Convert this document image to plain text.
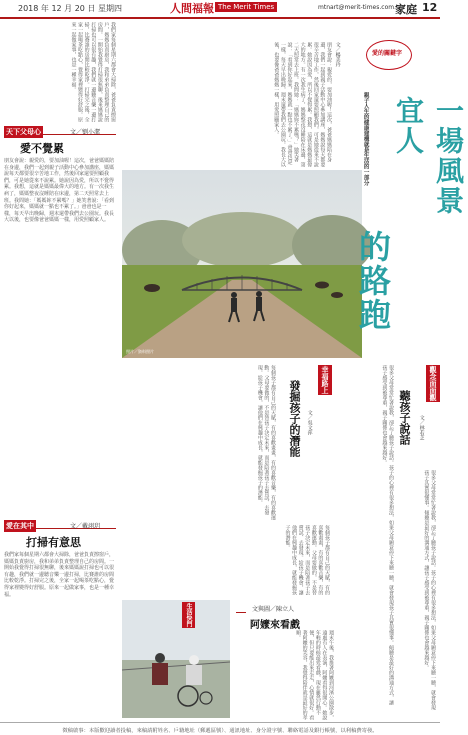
2018 年 12 月 20 日 星期四	人間福報 The Merit Times	mtnart@merit-times.com.tw
家庭 12
照片／資料照片
愛的關鍵字
一場風景宜人
的路跑
親子人生的健康建構就是生活的一部分
文／楊美玲
朋友會說：親愛的，要加油喔！這次，爸爸媽媽陪在身邊，我們一起到親子活動中心參加講座，媽媽說每天都要很辛苦地工作，然後回家還要照顧我們，可是她從來不說累。她說因為愛，所以不覺得累。我想，這就是媽媽最偉大的地方。有一次我生病了，媽媽整夜沒睡陪在床邊，第二天照常去上班。我問她：「媽媽妳不累嗎？」她笑著說：「看到你好起來，媽媽就一點也不累了。」爸爸也是一樣，每天早出晚歸，週末還帶我們去公園玩。我長大以後，也要像爸爸媽媽一樣，用愛照顧家人。
天下父母心	文／劉小潔
愛不覺累
朋友會說：親愛的，要加油喔！這次，爸爸媽媽陪在身邊，我們一起到親子活動中心參加講座，媽媽說每天都要很辛苦地工作，然後回家還要照顧我們，可是她從來不說累。她說因為愛，所以不覺得累。我想，這就是媽媽最偉大的地方。有一次我生病了，媽媽整夜沒睡陪在床邊，第二天照常去上班。我問她：「媽媽妳不累嗎？」她笑著說：「看到你好起來，媽媽就一點也不累了。」爸爸也是一樣，每天早出晚歸，週末還帶我們去公園玩。我長大以後，也要像爸爸媽媽一樣，用愛照顧家人。
愛在其中	文／戴翊玥
打掃有意思
我們家每個星期六都會大掃除，爸爸負責擦窗戶，媽媽負責廚房，我和弟弟負責整理自己的房間。一開始我覺得打掃很無聊，後來媽媽說打掃也可以很有趣，我們就一邊聽音樂一邊打掃，比賽誰的房間比較乾淨。打掃完之後，全家一起喝茶吃點心，覺得家裡變得好舒服。原來一起做家事，也是一種幸福。
我們家每個星期六都會大掃除，爸爸負責擦窗戶，媽媽負責廚房，我和弟弟負責整理自己的房間。一開始我覺得打掃很無聊，後來媽媽說打掃也可以很有趣，我們就一邊聽音樂一邊打掃，比賽誰的房間比較乾淨。打掃完之後，全家一起喝茶吃點心，覺得家裡變得好舒服。原來一起做家事，也是一種幸福。
幸福路上
文／吳文萍
發掘孩子的潛能
每個孩子都有自己的天賦，有的喜歡畫畫，有的喜歡音樂，有的喜歡運動。父母要做的，不是替孩子決定未來，而是陪著孩子去嘗試、去發現。給孩子機會，讓他們在興趣中成長，就能發掘孩子的潛能。	觀念面面觀
文／林若芝
聽孩子說話
很多父母常常忙著說教，卻忘了聽孩子說話。孩子的心裡有很多想法，如果父母願意停下來聽一聽，就會發現孩子其實很懂事。傾聽是最好的溝通方式，讓孩子感受到被尊重，親子關係也會越來越好。
很多父母常常忙著說教，卻忘了聽孩子說話。孩子的心裡有很多想法，如果父母願意停下來聽一聽，就會發現孩子其實很懂事。傾聽是最好的溝通方式，讓孩子感受到被尊重，親子關係也會越來越好。
生活快門	文與圖／陳立人
阿嬤來看戲
週末午後，我推著阿嬤到河濱公園散步，遠處有人在表演，阿嬤看得很開心。她說年輕的時候最愛看戲，現在雖然行動不便，但只要能出來走走，心情就很好。看著阿嬤的笑容，我覺得陪伴就是最好的孝順。
每個孩子都有自己的天賦，有的喜歡畫畫，有的喜歡音樂，有的喜歡運動。父母要做的，不是替孩子決定未來，而是陪著孩子去嘗試、去發現。給孩子機會，讓他們在興趣中成長，就能發掘孩子的潛能。
徵稿啟事：本版歡迎讀者投稿，來稿請附姓名、戶籍地址（郵遞區號）、通訊地址、身分證字號、聯絡電話及銀行帳號，以利稿費寄發。
